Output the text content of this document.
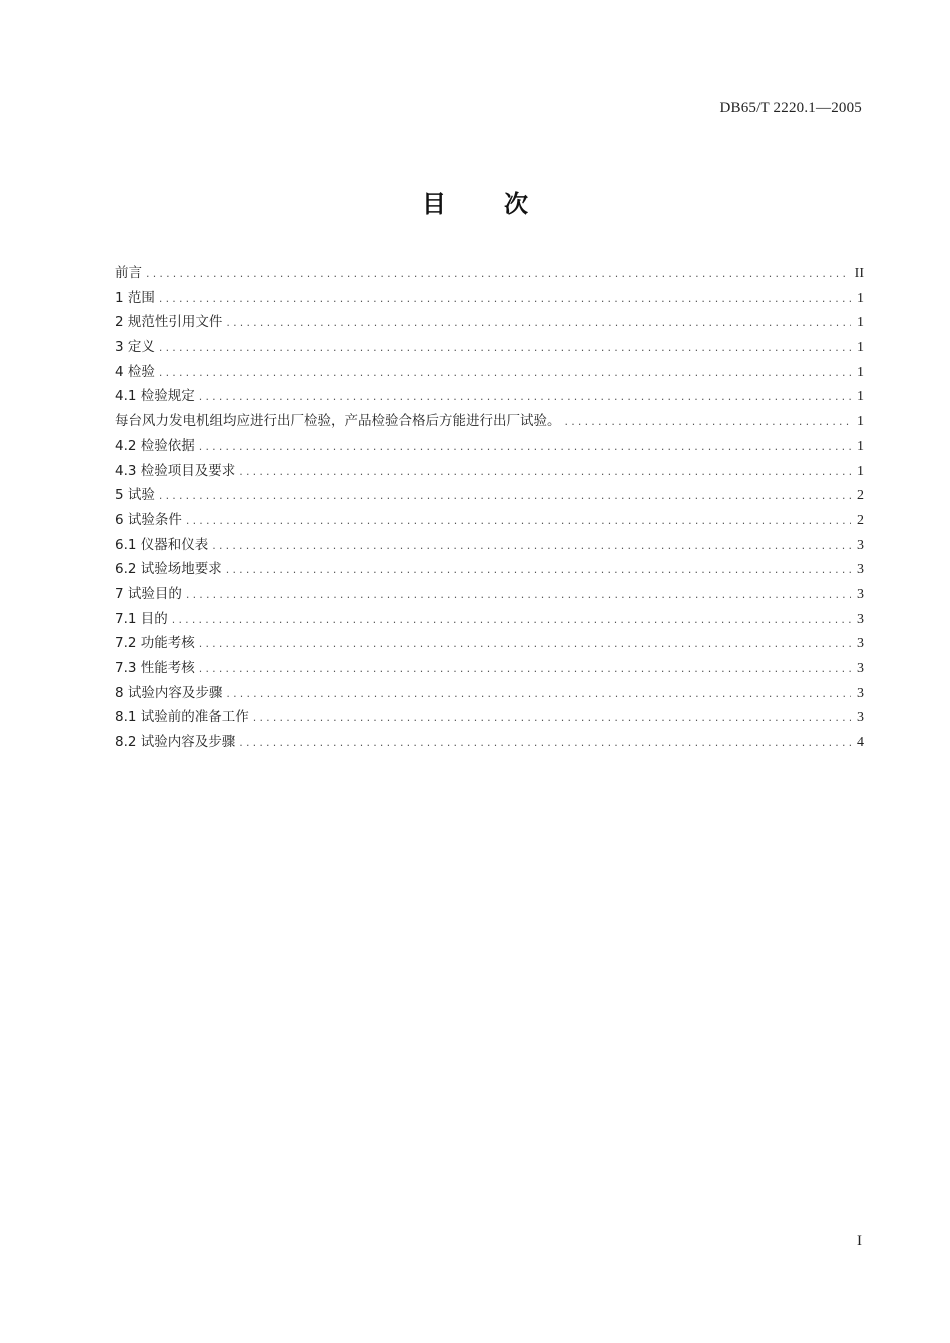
DB65/T 2220.1—2005
目次
前言 .....	II
1 范围 .....	1
2 规范性引用文件 .....	1
3 定义 .....	1
4 检验 .....	1
4.1 检验规定 .....	1
每台风力发电机组均应进行出厂检验，产品检验合格后方能进行出厂试验。 .....	1
4.2 检验依据 .....	1
4.3 检验项目及要求 .....	1
5 试验 .....	2
6 试验条件 .....	2
6.1 仪器和仪表 .....	3
6.2 试验场地要求 .....	3
7 试验目的 .....	3
7.1 目的 .....	3
7.2 功能考核 .....	3
7.3 性能考核 .....	3
8 试验内容及步骤 .....	3
8.1 试验前的准备工作 .....	3
8.2 试验内容及步骤 .....	4
I
